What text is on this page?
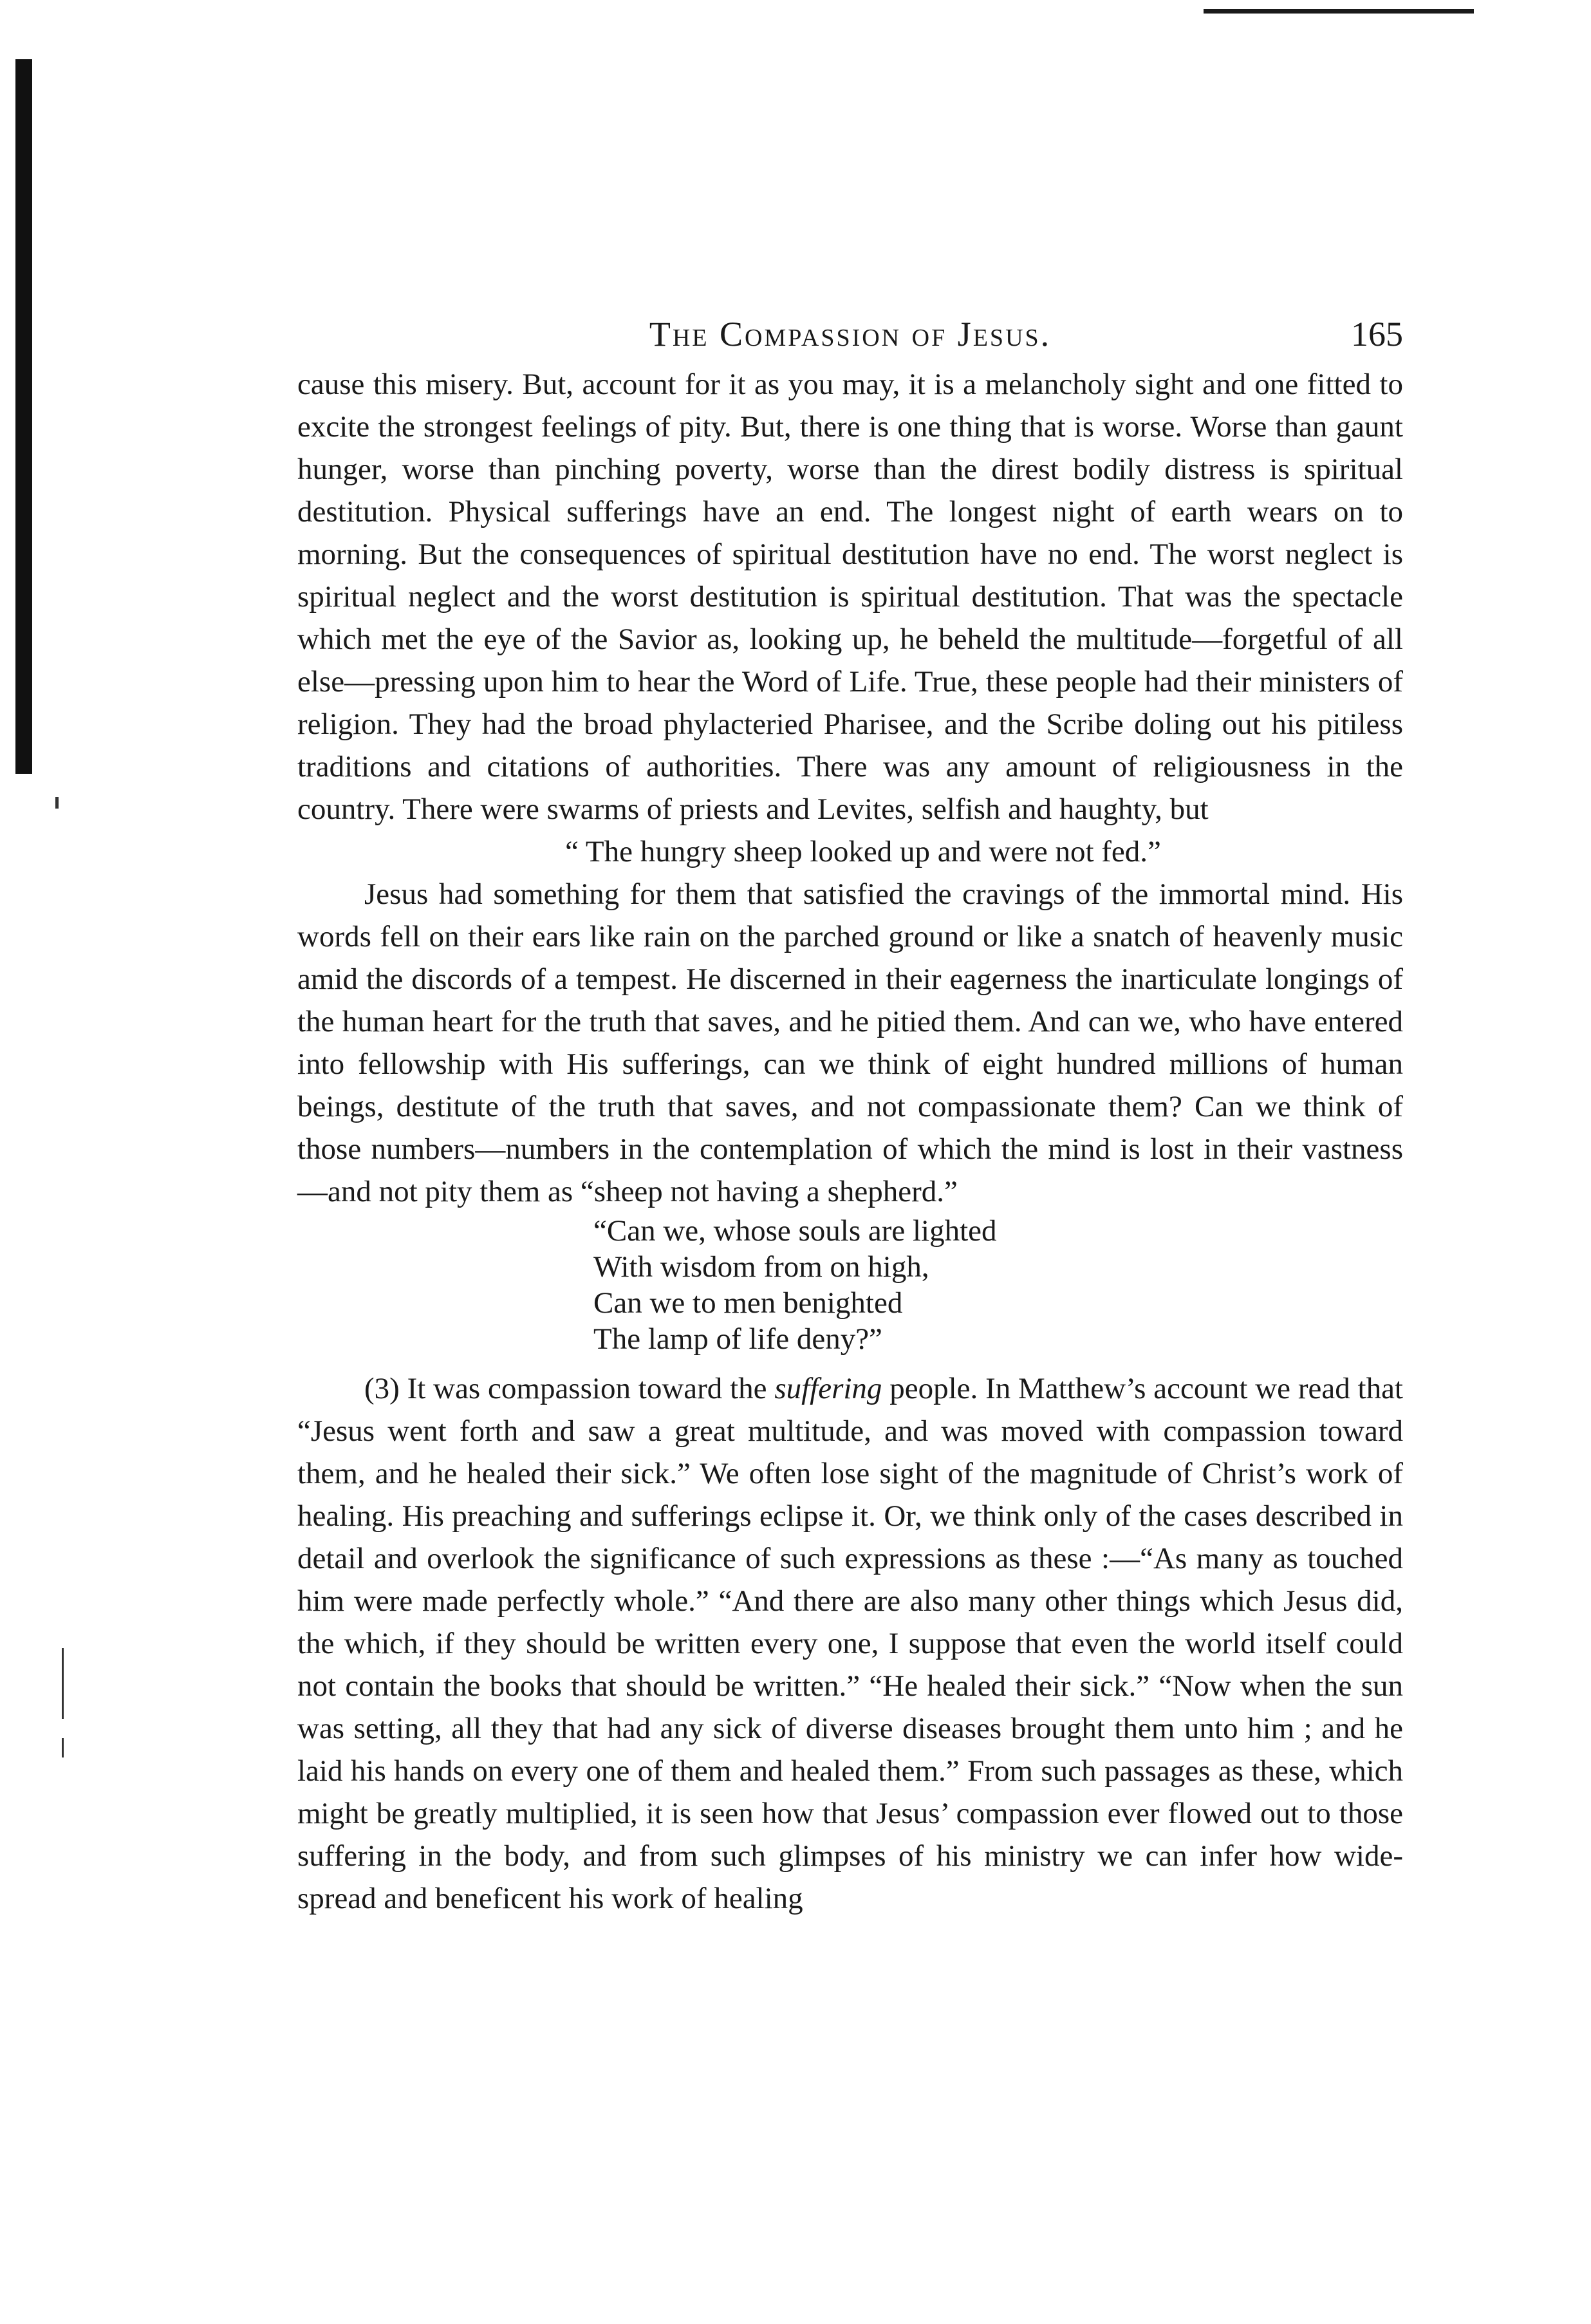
The Compassion of Jesus.	165

cause this misery. But, account for it as you may, it is a melancholy sight and one fitted to excite the strongest feelings of pity. But, there is one thing that is worse. Worse than gaunt hunger, worse than pinching poverty, worse than the direst bodily distress is spiritual destitution. Physical sufferings have an end. The longest night of earth wears on to morning. But the consequences of spiritual destitution have no end. The worst neglect is spiritual neglect and the worst destitution is spiritual destitution. That was the spectacle which met the eye of the Savior as, looking up, he beheld the multitude—forgetful of all else—pressing upon him to hear the Word of Life. True, these people had their ministers of religion. They had the broad phylacteried Pharisee, and the Scribe doling out his pitiless traditions and citations of authorities. There was any amount of religiousness in the country. There were swarms of priests and Levites, selfish and haughty, but

“ The hungry sheep looked up and were not fed.”

Jesus had something for them that satisfied the cravings of the immortal mind. His words fell on their ears like rain on the parched ground or like a snatch of heavenly music amid the discords of a tempest. He discerned in their eagerness the inarticulate longings of the human heart for the truth that saves, and he pitied them. And can we, who have entered into fellowship with His sufferings, can we think of eight hundred millions of human beings, destitute of the truth that saves, and not compassionate them? Can we think of those numbers—numbers in the contemplation of which the mind is lost in their vastness—and not pity them as “sheep not having a shepherd.”

“Can we, whose souls are lighted
With wisdom from on high,
Can we to men benighted
The lamp of life deny?”

(3) It was compassion toward the suffering people. In Matthew’s account we read that “Jesus went forth and saw a great multitude, and was moved with compassion toward them, and he healed their sick.” We often lose sight of the magnitude of Christ’s work of healing. His preaching and sufferings eclipse it. Or, we think only of the cases described in detail and overlook the significance of such expressions as these :—“As many as touched him were made perfectly whole.” “And there are also many other things which Jesus did, the which, if they should be written every one, I suppose that even the world itself could not contain the books that should be written.” “He healed their sick.” “Now when the sun was setting, all they that had any sick of diverse diseases brought them unto him ; and he laid his hands on every one of them and healed them.” From such passages as these, which might be greatly multiplied, it is seen how that Jesus’ compassion ever flowed out to those suffering in the body, and from such glimpses of his ministry we can infer how wide-spread and beneficent his work of healing
